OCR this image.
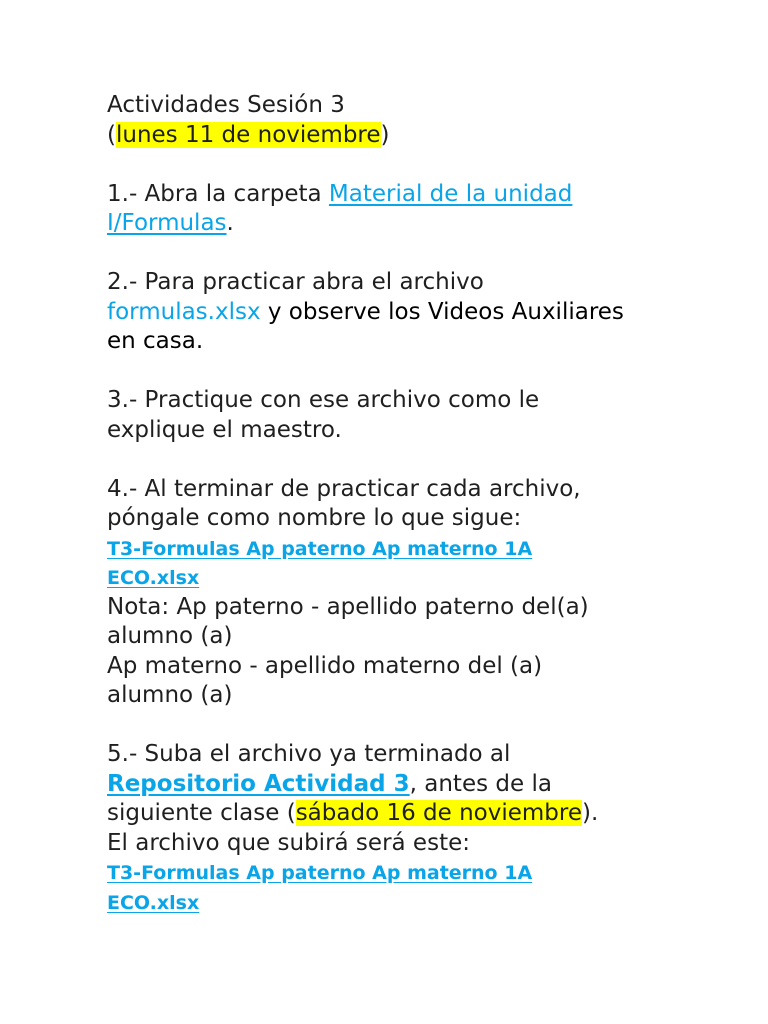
Actividades Sesión 3
(lunes 11 de noviembre)
1.- Abra la carpeta Material de la unidad
I/Formulas.
2.- Para practicar abra el archivo
formulas.xlsx y observe los Videos Auxiliares
en casa.
3.- Practique con ese archivo como le
explique el maestro.
4.- Al terminar de practicar cada archivo,
póngale como nombre lo que sigue:
T3-Formulas Ap paterno Ap materno 1A
ECO.xlsx
Nota: Ap paterno - apellido paterno del(a)
alumno (a)
Ap materno - apellido materno del (a)
alumno (a)
5.- Suba el archivo ya terminado al
Repositorio Actividad 3, antes de la
siguiente clase (sábado 16 de noviembre).
El archivo que subirá será este:
T3-Formulas Ap paterno Ap materno 1A
ECO.xlsx
